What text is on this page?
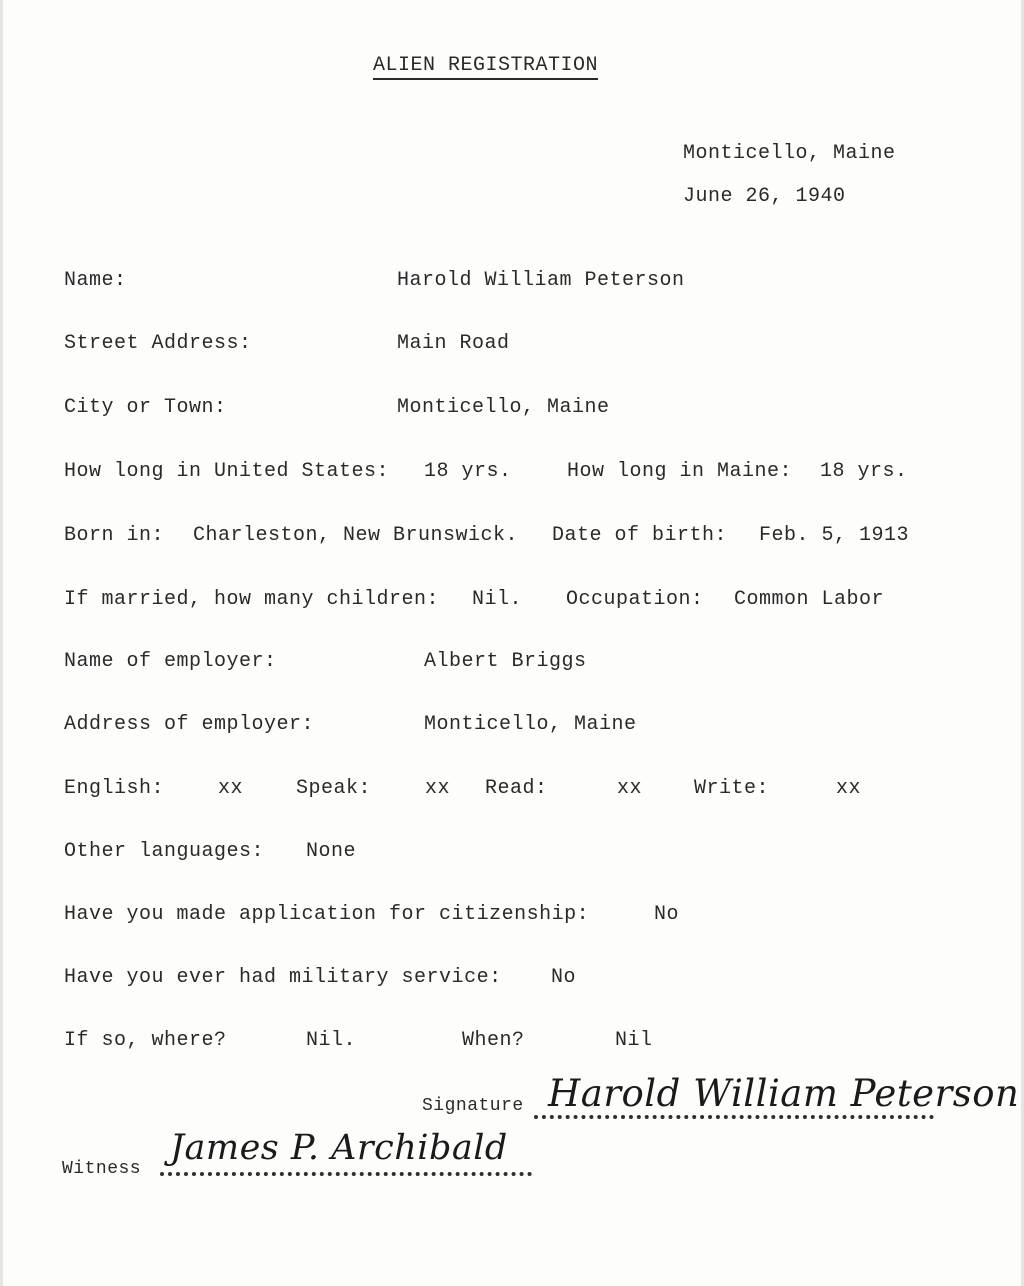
ALIEN REGISTRATION
Monticello, Maine
June 26, 1940
Name:	Harold William Peterson
Street Address:	Main Road
City or Town:	Monticello, Maine
How long in United States: 18 yrs.	How long in Maine: 18 yrs.
Born in: Charleston, New Brunswick. Date of birth: Feb. 5, 1913
If married, how many children: Nil. Occupation: Common Labor
Name of employer:	Albert Briggs
Address of employer:	Monticello, Maine
English:	xx	Speak:	xx Read:	xx	Write:	xx
Other languages: None
Have you made application for citizenship:	No
Have you ever had military service: No
If so, where?	Nil.	When?	Nil
Signature Harold William Peterson
Witness
James P. Archibald
